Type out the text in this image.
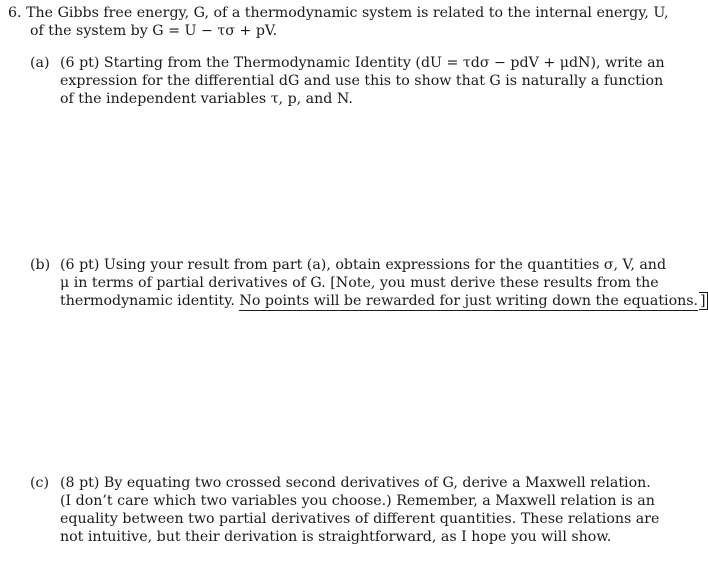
6. The Gibbs free energy, G, of a thermodynamic system is related to the internal energy, U,
of the system by G = U − τσ + pV.
(a) (6 pt) Starting from the Thermodynamic Identity (dU = τdσ − pdV + μdN), write an
expression for the differential dG and use this to show that G is naturally a function
of the independent variables τ, p, and N.
(b) (6 pt) Using your result from part (a), obtain expressions for the quantities σ, V, and
μ in terms of partial derivatives of G. [Note, you must derive these results from the
thermodynamic identity. No points will be rewarded for just writing down the equations. ]
(c) (8 pt) By equating two crossed second derivatives of G, derive a Maxwell relation.
(I don’t care which two variables you choose.) Remember, a Maxwell relation is an
equality between two partial derivatives of different quantities. These relations are
not intuitive, but their derivation is straightforward, as I hope you will show.
